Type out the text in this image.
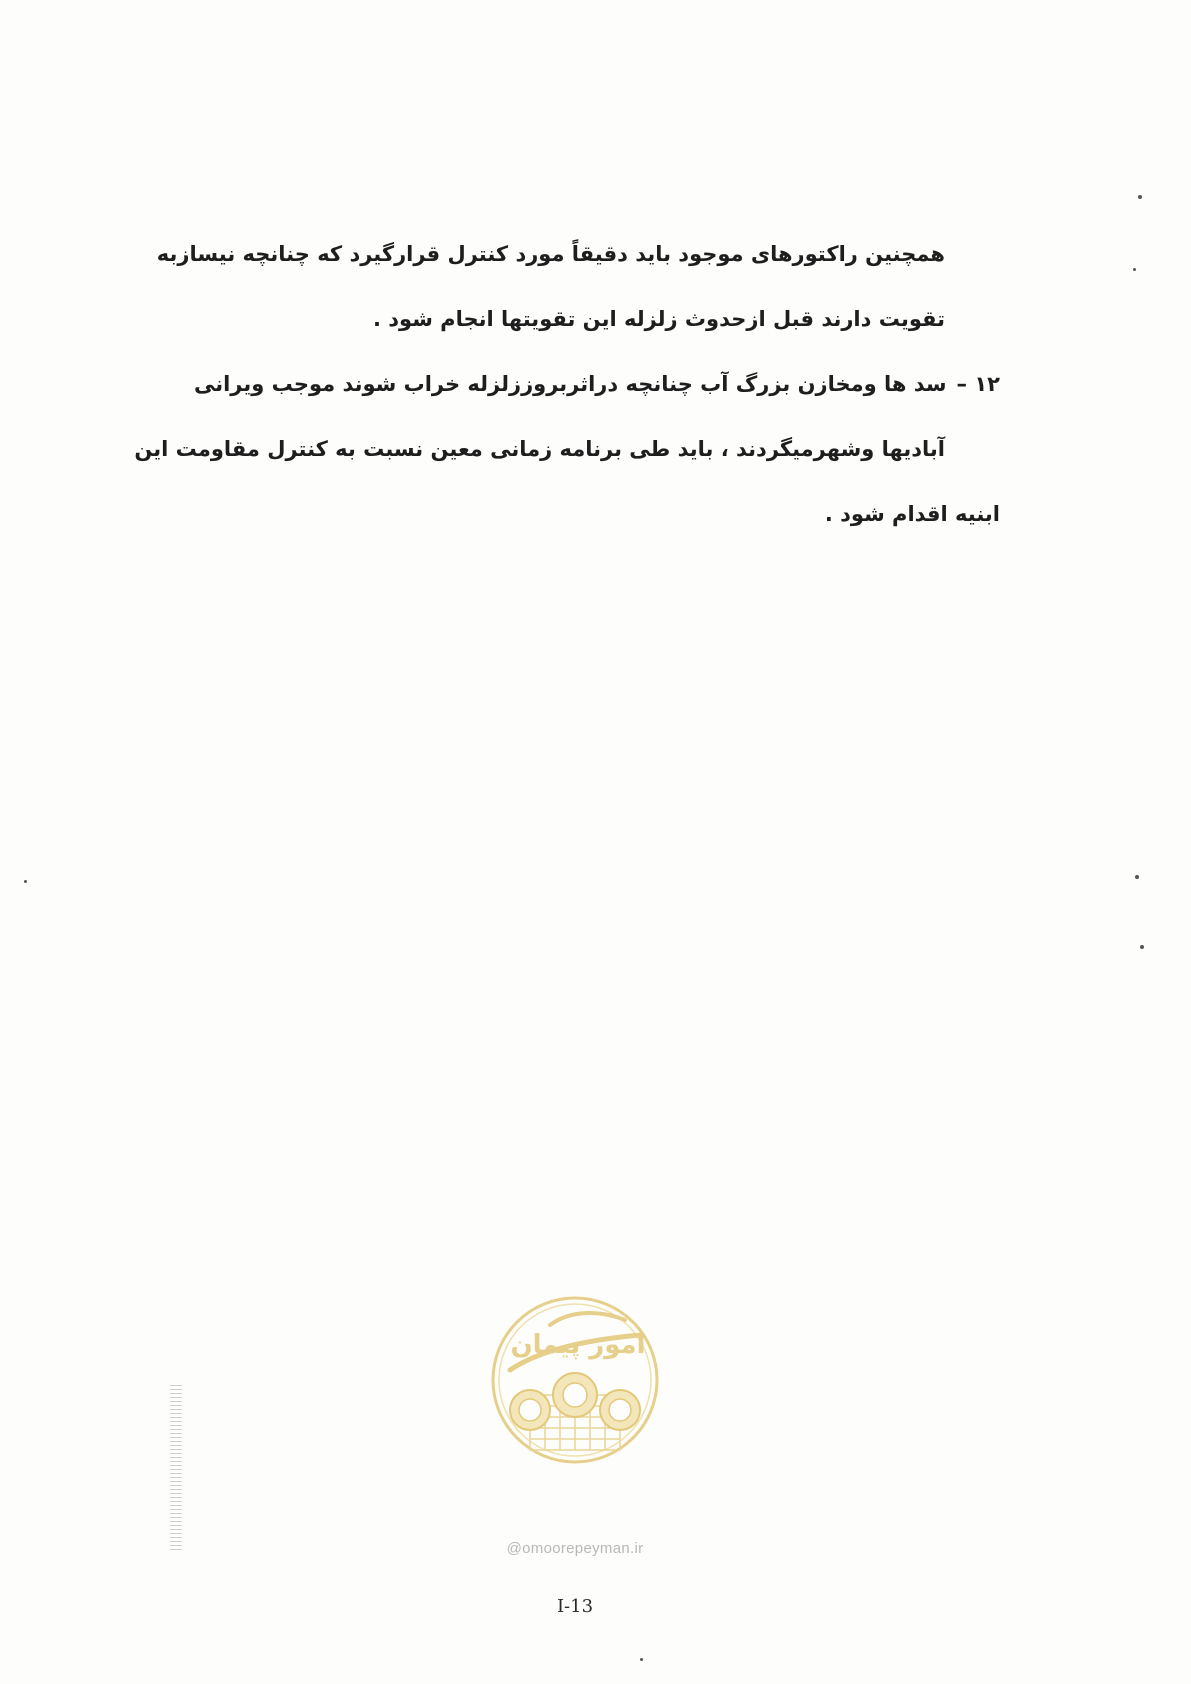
همچنین راکتورهای موجود باید دقیقاً مورد کنترل قرارگیرد که چنانچه نیسازبه تقویت دارند قبل ازحدوث زلزله این تقویتها انجام شود .

۱۲ –سد ها ومخازن بزرگ آب چنانچه دراثربروززلزله خراب شوند موجب ویرانی
آبادیها وشهرمیگردند ، باید طی برنامه زمانی معین نسبت به کنترل مقاومت این ابنیه اقدام شود .

امور پیمان
@omoorepeyman.ir
I-13
